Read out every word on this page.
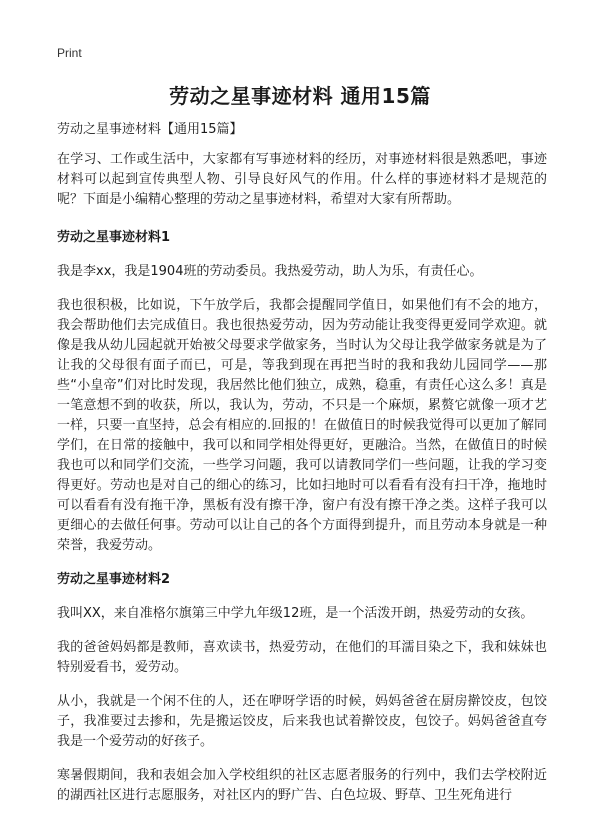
Print
劳动之星事迹材料 通用15篇

劳动之星事迹材料【通用15篇】

在学习、工作或生活中，大家都有写事迹材料的经历，对事迹材料很是熟悉吧，事迹材料可以起到宣传典型人物、引导良好风气的作用。什么样的事迹材料才是规范的呢？下面是小编精心整理的劳动之星事迹材料，希望对大家有所帮助。

劳动之星事迹材料1

我是李xx，我是1904班的劳动委员。我热爱劳动，助人为乐，有责任心。

我也很积极，比如说，下午放学后，我都会提醒同学值日，如果他们有不会的地方，我会帮助他们去完成值日。我也很热爱劳动，因为劳动能让我变得更爱同学欢迎。就像是我从幼儿园起就开始被父母要求学做家务，当时认为父母让我学做家务就是为了让我的父母很有面子而已，可是，等我到现在再把当时的我和我幼儿园同学——那些“小皇帝”们对比时发现，我居然比他们独立，成熟，稳重，有责任心这么多！真是一笔意想不到的收获，所以，我认为，劳动，不只是一个麻烦，累赘它就像一项才艺一样，只要一直坚持，总会有相应的.回报的！在做值日的时候我觉得可以更加了解同学们，在日常的接触中，我可以和同学相处得更好，更融洽。当然，在做值日的时候我也可以和同学们交流，一些学习问题，我可以请教同学们一些问题，让我的学习变得更好。劳动也是对自己的细心的练习，比如扫地时可以看看有没有扫干净，拖地时可以看看有没有拖干净，黑板有没有擦干净，窗户有没有擦干净之类。这样子我可以更细心的去做任何事。劳动可以让自己的各个方面得到提升，而且劳动本身就是一种荣誉，我爱劳动。

劳动之星事迹材料2

我叫XX，来自准格尔旗第三中学九年级12班，是一个活泼开朗，热爱劳动的女孩。

我的爸爸妈妈都是教师，喜欢读书，热爱劳动，在他们的耳濡目染之下，我和妹妹也特别爱看书，爱劳动。

从小，我就是一个闲不住的人，还在咿呀学语的时候，妈妈爸爸在厨房擀饺皮，包饺子，我准要过去掺和，先是搬运饺皮，后来我也试着擀饺皮，包饺子。妈妈爸爸直夸我是一个爱劳动的好孩子。

寒暑假期间，我和表姐会加入学校组织的社区志愿者服务的行列中，我们去学校附近的湖西社区进行志愿服务，对社区内的野广告、白色垃圾、野草、卫生死角进行
